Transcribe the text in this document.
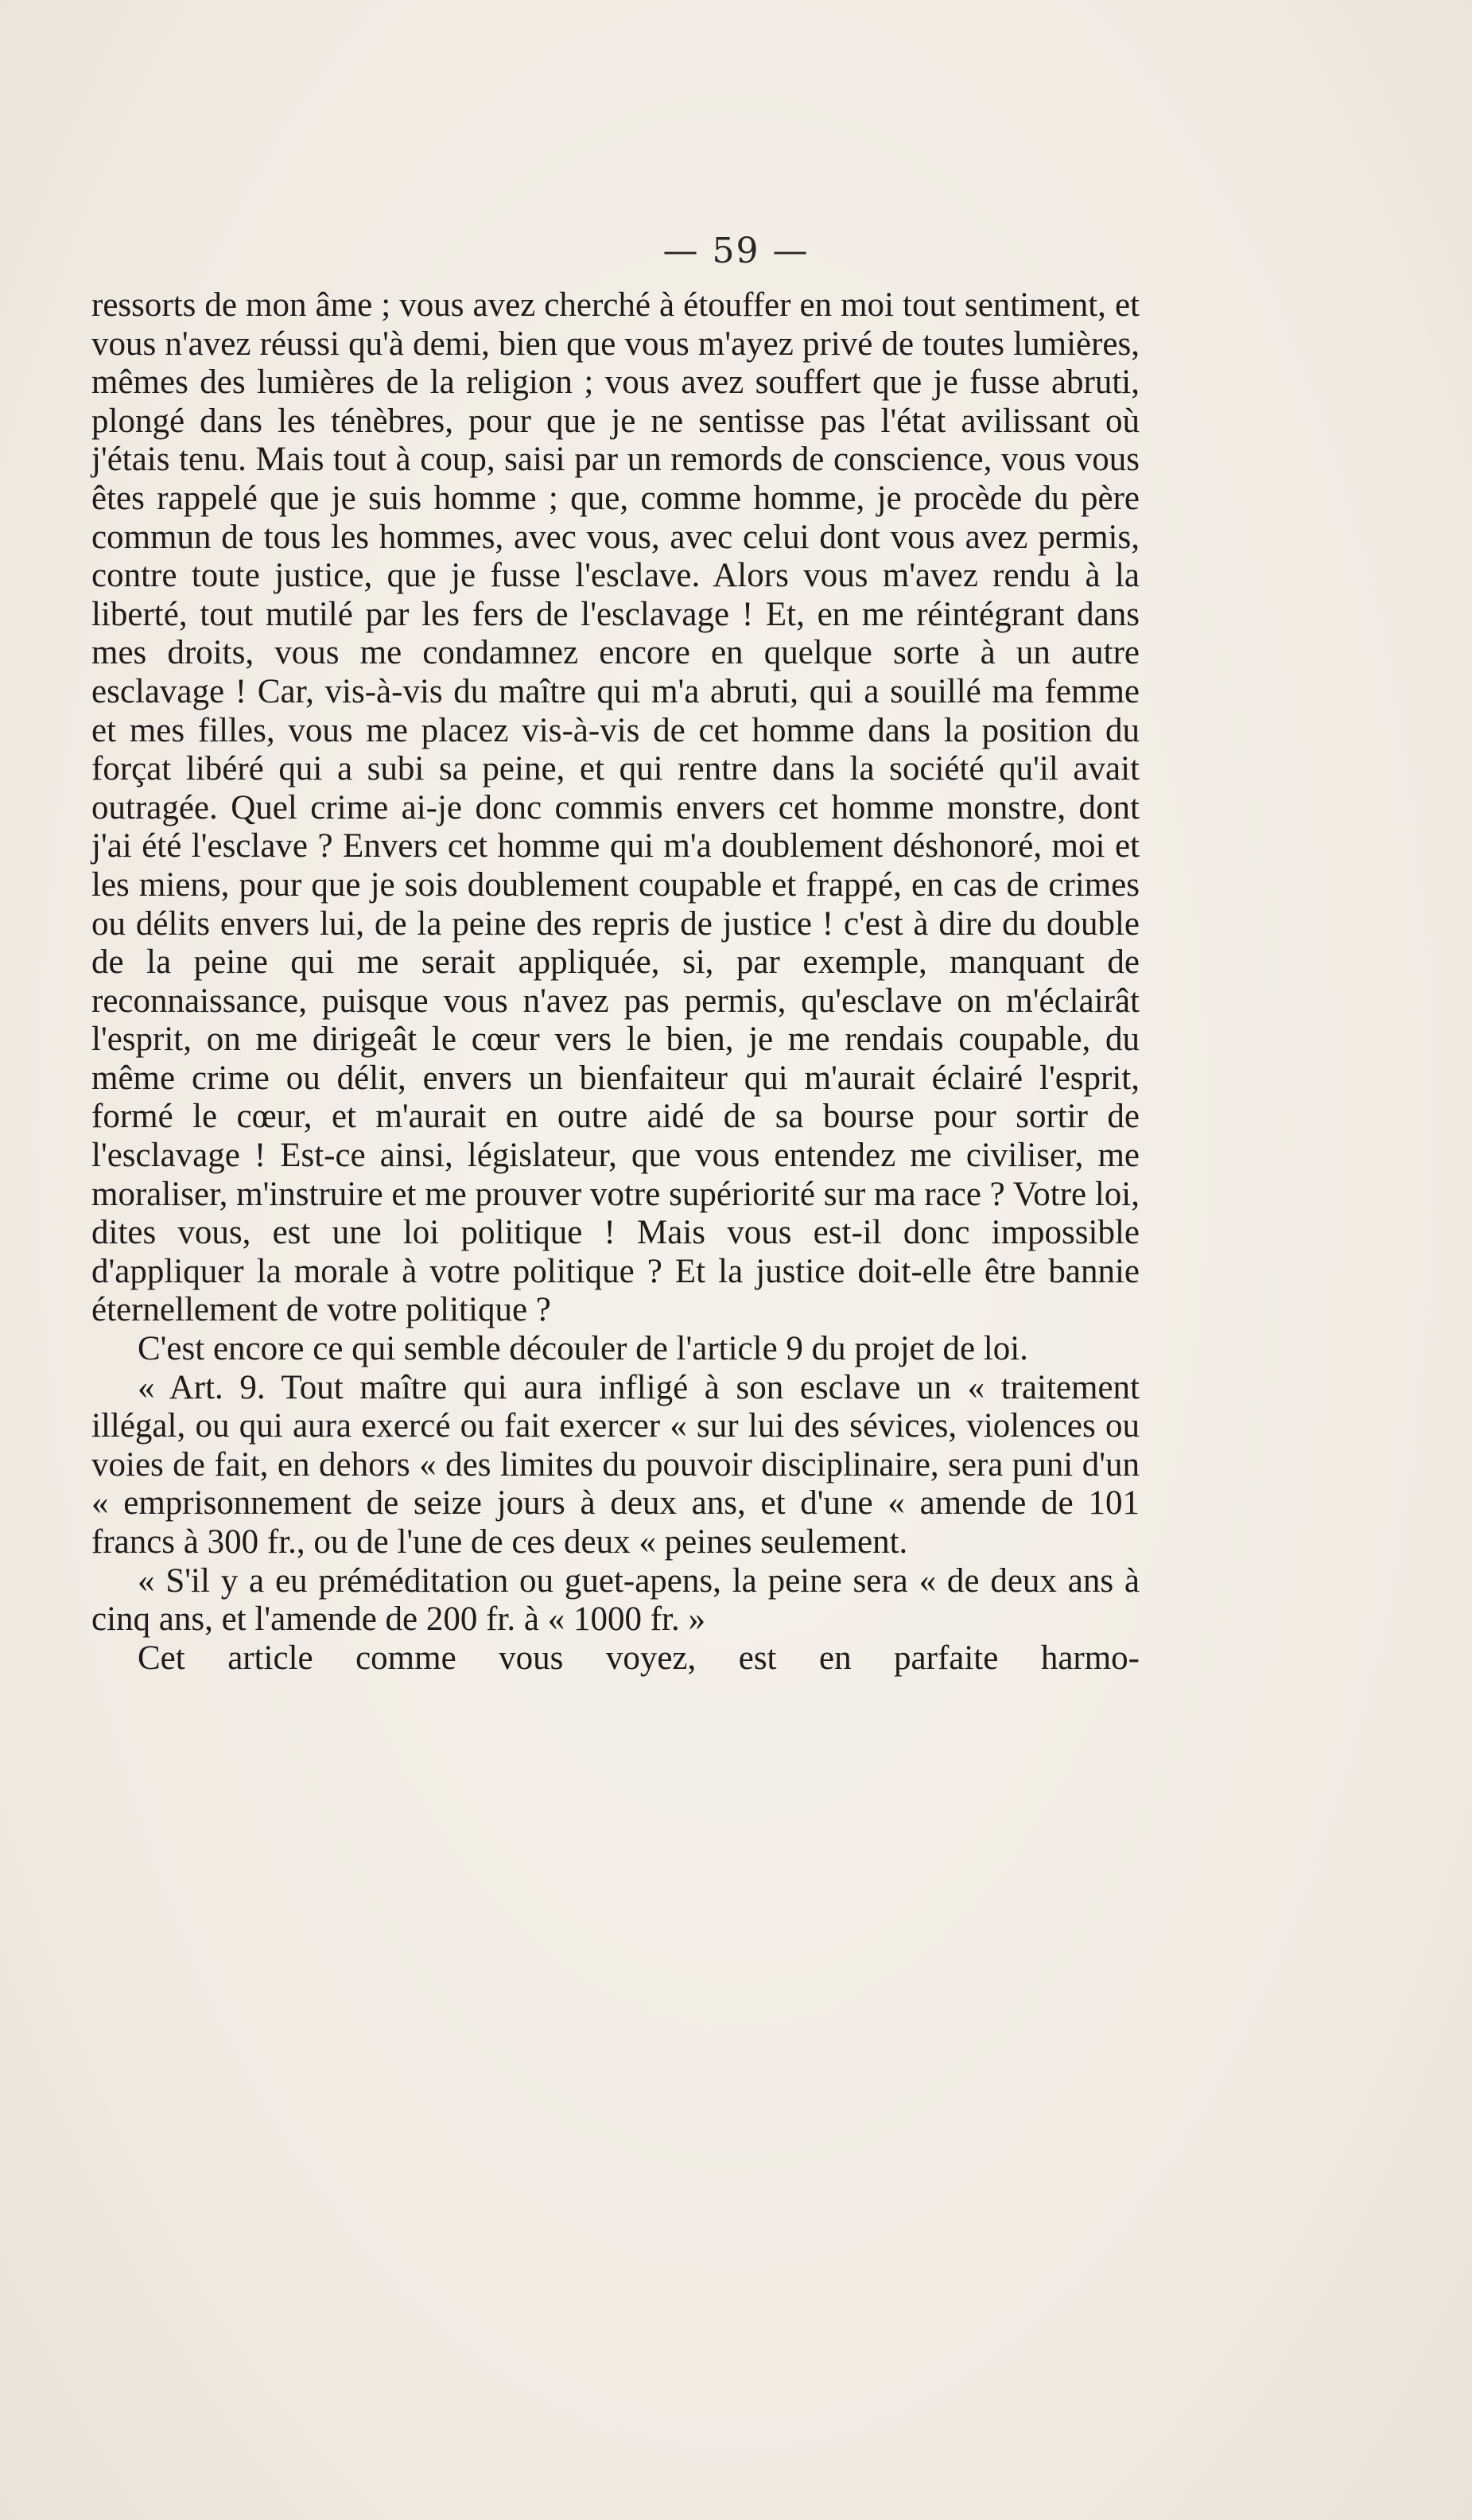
— 59 —

ressorts de mon âme ; vous avez cherché à étouffer en moi tout sentiment, et vous n'avez réussi qu'à demi, bien que vous m'ayez privé de toutes lumières, mêmes des lumières de la religion ; vous avez souffert que je fusse abruti, plongé dans les ténèbres, pour que je ne sentisse pas l'état avilissant où j'étais tenu. Mais tout à coup, saisi par un remords de conscience, vous vous êtes rappelé que je suis homme ; que, comme homme, je procède du père commun de tous les hommes, avec vous, avec celui dont vous avez permis, contre toute justice, que je fusse l'esclave. Alors vous m'avez rendu à la liberté, tout mutilé par les fers de l'esclavage ! Et, en me réintégrant dans mes droits, vous me condamnez encore en quelque sorte à un autre esclavage ! Car, vis-à-vis du maître qui m'a abruti, qui a souillé ma femme et mes filles, vous me placez vis-à-vis de cet homme dans la position du forçat libéré qui a subi sa peine, et qui rentre dans la société qu'il avait outragée. Quel crime ai-je donc commis envers cet homme monstre, dont j'ai été l'esclave ? Envers cet homme qui m'a doublement déshonoré, moi et les miens, pour que je sois doublement coupable et frappé, en cas de crimes ou délits envers lui, de la peine des repris de justice ! c'est à dire du double de la peine qui me serait appliquée, si, par exemple, manquant de reconnaissance, puisque vous n'avez pas permis, qu'esclave on m'éclairât l'esprit, on me dirigeât le cœur vers le bien, je me rendais coupable, du même crime ou délit, envers un bienfaiteur qui m'aurait éclairé l'esprit, formé le cœur, et m'aurait en outre aidé de sa bourse pour sortir de l'esclavage ! Est-ce ainsi, législateur, que vous entendez me civiliser, me moraliser, m'instruire et me prouver votre supériorité sur ma race ? Votre loi, dites vous, est une loi politique ! Mais vous est-il donc impossible d'appliquer la morale à votre politique ? Et la justice doit-elle être bannie éternellement de votre politique ?

C'est encore ce qui semble découler de l'article 9 du projet de loi.

« Art. 9. Tout maître qui aura infligé à son esclave un « traitement illégal, ou qui aura exercé ou fait exercer « sur lui des sévices, violences ou voies de fait, en dehors « des limites du pouvoir disciplinaire, sera puni d'un « emprisonnement de seize jours à deux ans, et d'une « amende de 101 francs à 300 fr., ou de l'une de ces deux « peines seulement.

« S'il y a eu préméditation ou guet-apens, la peine sera « de deux ans à cinq ans, et l'amende de 200 fr. à « 1000 fr. »

Cet article comme vous voyez, est en parfaite harmo-
